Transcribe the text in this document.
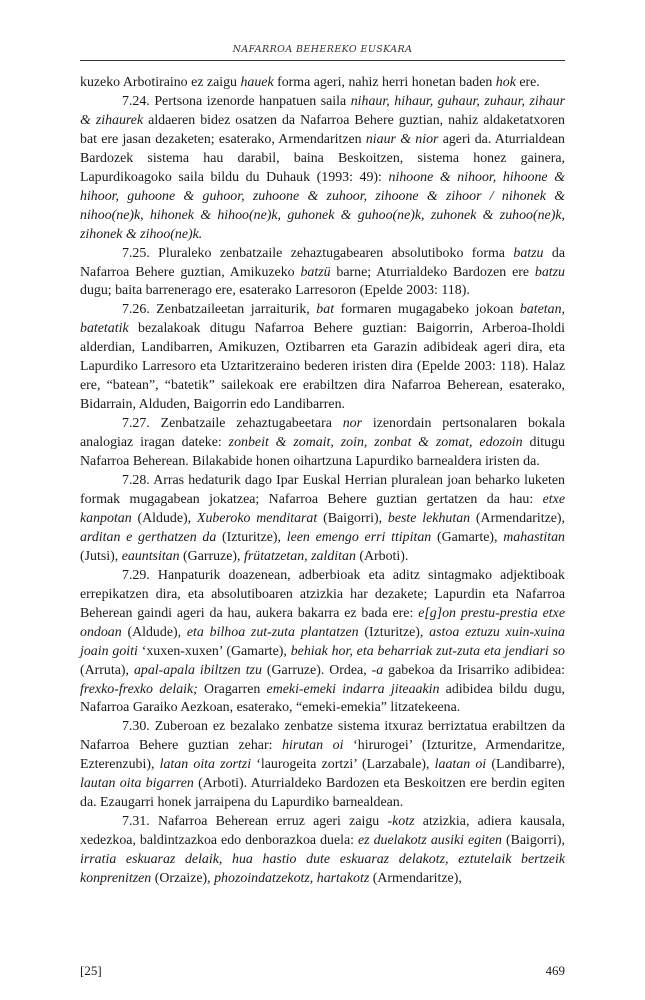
NAFARROA BEHEREKO EUSKARA

kuzeko Arbotiraino ez zaigu hauek forma ageri, nahiz herri honetan baden hok ere.

7.24. Pertsona izenorde hanpatuen saila nihaur, hihaur, guhaur, zuhaur, zihaur & zihaurek aldaeren bidez osatzen da Nafarroa Behere guztian, nahiz aldaketatxoren bat ere jasan dezaketen; esaterako, Armendaritzen niaur & nior ageri da. Aturrialdean Bardozek sistema hau darabil, baina Beskoitzen, sistema honez gainera, Lapurdikoagoko saila bildu du Duhauk (1993: 49): nihoone & nihoor, hihoone & hihoor, guhoone & guhoor, zuhoone & zuhoor, zihoone & zihoor / nihonek & nihoo(ne)k, hihonek & hihoo(ne)k, guhonek & guhoo(ne)k, zuhonek & zuhoo(ne)k, zihonek & zihoo(ne)k.

7.25. Pluraleko zenbatzaile zehaztugabearen absolutiboko forma batzu da Nafarroa Behere guztian, Amikuzeko batzü barne; Aturrialdeko Bardozen ere batzu dugu; baita barrenerago ere, esaterako Larresoron (Epelde 2003: 118).

7.26. Zenbatzaileetan jarraiturik, bat formaren mugagabeko jokoan batetan, batetatik bezalakoak ditugu Nafarroa Behere guztian: Baigorrin, Arberoa-Iholdi alderdian, Landibarren, Amikuzen, Oztibarren eta Garazin adibideak ageri dira, eta Lapurdiko Larresoro eta Uztaritzeraino bederen iristen dira (Epelde 2003: 118). Halaz ere, “batean”, “batetik” sailekoak ere erabiltzen dira Nafarroa Beherean, esaterako, Bidarrain, Alduden, Baigorrin edo Landibarren.

7.27. Zenbatzaile zehaztugabeetara nor izenordain pertsonalaren bokala analogiaz iragan dateke: zonbeit & zomait, zoin, zonbat & zomat, edozoin ditugu Nafarroa Beherean. Bilakabide honen oihartzuna Lapurdiko barnealdera iristen da.

7.28. Arras hedaturik dago Ipar Euskal Herrian pluralean joan beharko luketen formak mugagabean jokatzea; Nafarroa Behere guztian gertatzen da hau: etxe kanpotan (Aldude), Xuberoko menditarat (Baigorri), beste lekhutan (Armendaritze), arditan e gerthatzen da (Izturitze), leen emengo erri ttipitan (Gamarte), mahastitan (Jutsi), eauntsitan (Garruze), frütatzetan, zalditan (Arboti).

7.29. Hanpaturik doazenean, adberbioak eta aditz sintagmako adjektiboak errepikatzen dira, eta absolutiboaren atzizkia har dezakete; Lapurdin eta Nafarroa Beherean gaindi ageri da hau, aukera bakarra ez bada ere: e[g]on prestu-prestia etxe ondoan (Aldude), eta bilhoa zut-zuta plantatzen (Izturitze), astoa eztuzu xuin-xuina joain goiti ‘xuxen-xuxen’ (Gamarte), behiak hor, eta beharriak zut-zuta eta jendiari so (Arruta), apal-apala ibiltzen tzu (Garruze). Ordea, -a gabekoa da Irisarriko adibidea: frexko-frexko delaik; Oragarren emeki-emeki indarra jiteaakin adibidea bildu dugu, Nafarroa Garaiko Aezkoan, esaterako, “emeki-emekia” litzatekeena.

7.30. Zuberoan ez bezalako zenbatze sistema itxuraz berriztatua erabiltzen da Nafarroa Behere guztian zehar: hirutan oi ‘hirurogei’ (Izturitze, Armendaritze, Ezterenzubi), latan oita zortzi ‘laurogeita zortzi’ (Larzabale), laatan oi (Landibarre), lautan oita bigarren (Arboti). Aturrialdeko Bardozen eta Beskoitzen ere berdin egiten da. Ezaugarri honek jarraipena du Lapurdiko barnealdean.

7.31. Nafarroa Beherean erruz ageri zaigu -kotz atzizkia, adiera kausala, xedezkoa, baldintzazkoa edo denborazkoa duela: ez duelakotz ausiki egiten (Baigorri), irratia eskuaraz delaik, hua hastio dute eskuaraz delakotz, eztutelaik bertzeik konprenitzen (Orzaize), phozoindatzekotz, hartakotz (Armendaritze),

[25]	469
